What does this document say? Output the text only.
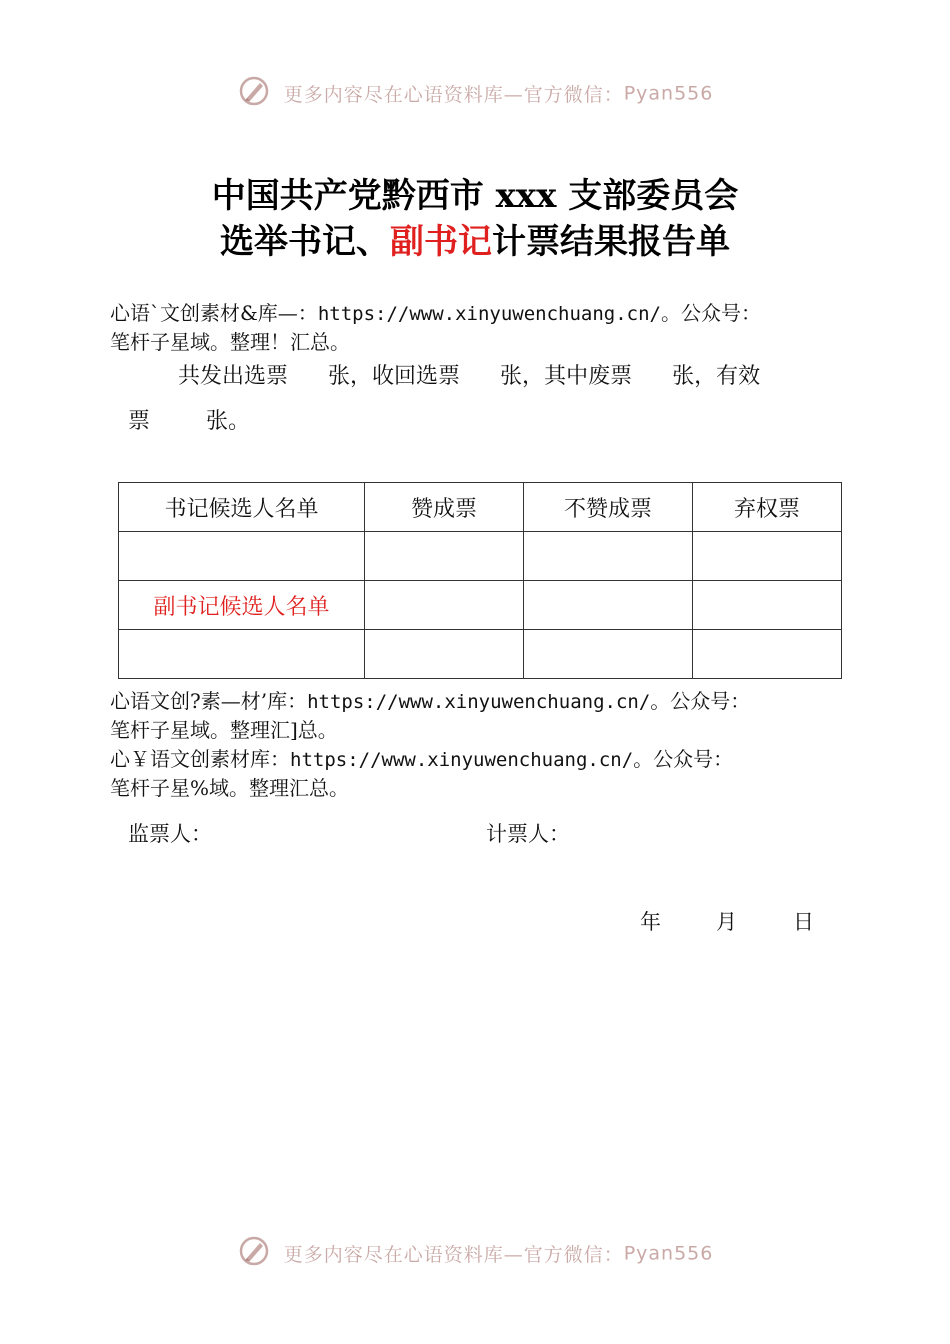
更多内容尽在心语资料库—官方微信：Pyan556
中国共产党黔西市 xxx 支部委员会
选举书记、副书记计票结果报告单
心语`文创素材&库—：https://www.xinyuwenchuang.cn/。公众号：
笔杆子星域。整理！汇总。
共发出选票 张，收回选票 张，其中废票 张，有效
票	张。
书记候选人名单	赞成票	不赞成票	弃权票

副书记候选人名单			

心语文创?素—材’库：https://www.xinyuwenchuang.cn/。公众号：
笔杆子星域。整理汇]总。
心￥语文创素材库：https://www.xinyuwenchuang.cn/。公众号：
笔杆子星%域。整理汇总。
监票人：	计票人：
年	月	日
更多内容尽在心语资料库—官方微信：Pyan556
